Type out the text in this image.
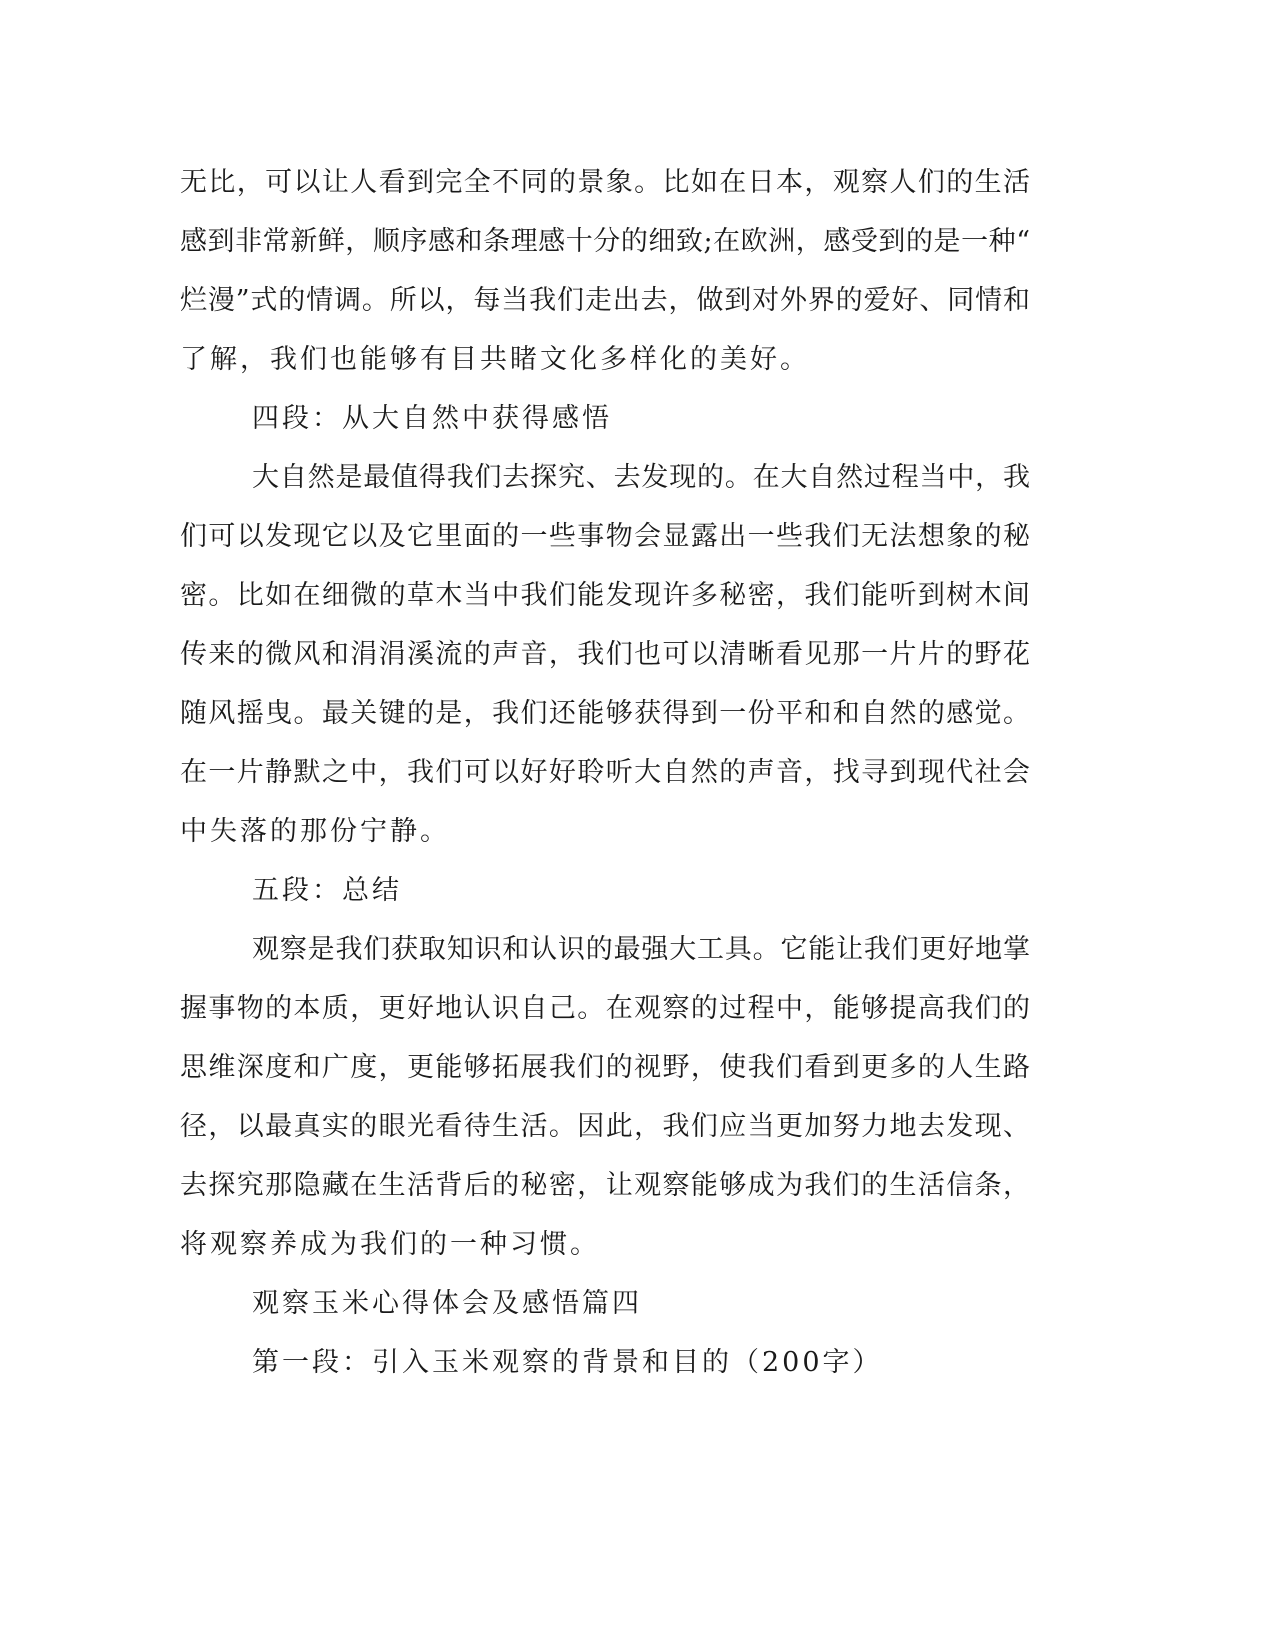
无比，可以让人看到完全不同的景象。比如在日本，观察人们的生活
感到非常新鲜，顺序感和条理感十分的细致;在欧洲，感受到的是一种“
烂漫”式的情调。所以，每当我们走出去，做到对外界的爱好、同情和
了解，我们也能够有目共睹文化多样化的美好。
四段：从大自然中获得感悟
大自然是最值得我们去探究、去发现的。在大自然过程当中，我
们可以发现它以及它里面的一些事物会显露出一些我们无法想象的秘
密。比如在细微的草木当中我们能发现许多秘密，我们能听到树木间
传来的微风和涓涓溪流的声音，我们也可以清晰看见那一片片的野花
随风摇曳。最关键的是，我们还能够获得到一份平和和自然的感觉。
在一片静默之中，我们可以好好聆听大自然的声音，找寻到现代社会
中失落的那份宁静。
五段：总结
观察是我们获取知识和认识的最强大工具。它能让我们更好地掌
握事物的本质，更好地认识自己。在观察的过程中，能够提高我们的
思维深度和广度，更能够拓展我们的视野，使我们看到更多的人生路
径，以最真实的眼光看待生活。因此，我们应当更加努力地去发现、
去探究那隐藏在生活背后的秘密，让观察能够成为我们的生活信条，
将观察养成为我们的一种习惯。
观察玉米心得体会及感悟篇四
第一段：引入玉米观察的背景和目的（200字）
